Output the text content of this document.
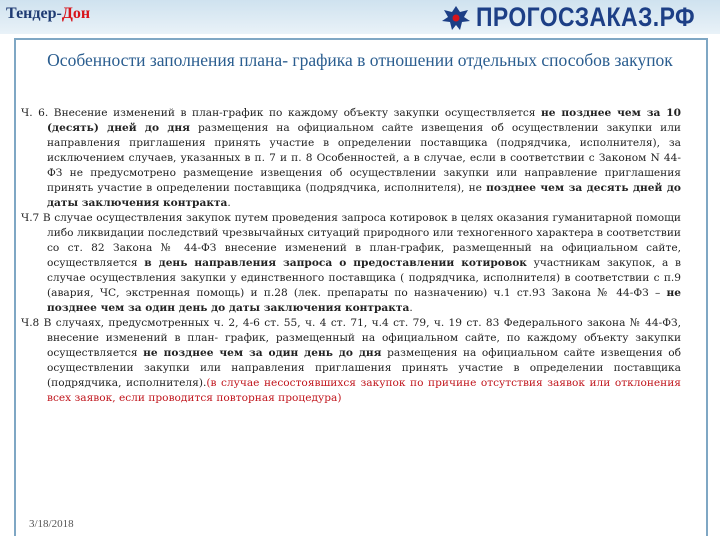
Тендер-Дон	ПРОГОСЗАКАЗ.РФ
Особенности заполнения плана- графика в отношении отдельных способов закупок

Ч. 6. Внесение изменений в план-график по каждому объекту закупки осуществляется не позднее чем за 10 (десять) дней до дня размещения на официальном сайте извещения об осуществлении закупки или направления приглашения принять участие в определении поставщика (подрядчика, исполнителя), за исключением случаев, указанных в п. 7 и п. 8 Особенностей, а в случае, если в соответствии с Законом N 44-ФЗ не предусмотрено размещение извещения об осуществлении закупки или направление приглашения принять участие в определении поставщика (подрядчика, исполнителя), не позднее чем за десять дней до даты заключения контракта.

Ч.7 В случае осуществления закупок путем проведения запроса котировок в целях оказания гуманитарной помощи либо ликвидации последствий чрезвычайных ситуаций природного или техногенного характера в соответствии со ст. 82 Закона № 44-ФЗ внесение изменений в план-график, размещенный на официальном сайте, осуществляется в день направления запроса о предоставлении котировок участникам закупок, а в случае осуществления закупки у единственного поставщика ( подрядчика, исполнителя) в соответствии с п.9 (авария, ЧС, экстренная помощь) и п.28 (лек. препараты по назначению) ч.1 ст.93 Закона № 44-ФЗ – не позднее чем за один день до даты заключения контракта.

Ч.8 В случаях, предусмотренных ч. 2, 4-6 ст. 55, ч. 4 ст. 71, ч.4 ст. 79, ч. 19 ст. 83 Федерального закона № 44-ФЗ, внесение изменений в план- график, размещенный на официальном сайте, по каждому объекту закупки осуществляется не позднее чем за один день до дня размещения на официальном сайте извещения об осуществлении закупки или направления приглашения принять участие в определении поставщика (подрядчика, исполнителя).(в случае несостоявшихся закупок по причине отсутствия заявок или отклонения всех заявок, если проводится повторная процедура)

3/18/2018
